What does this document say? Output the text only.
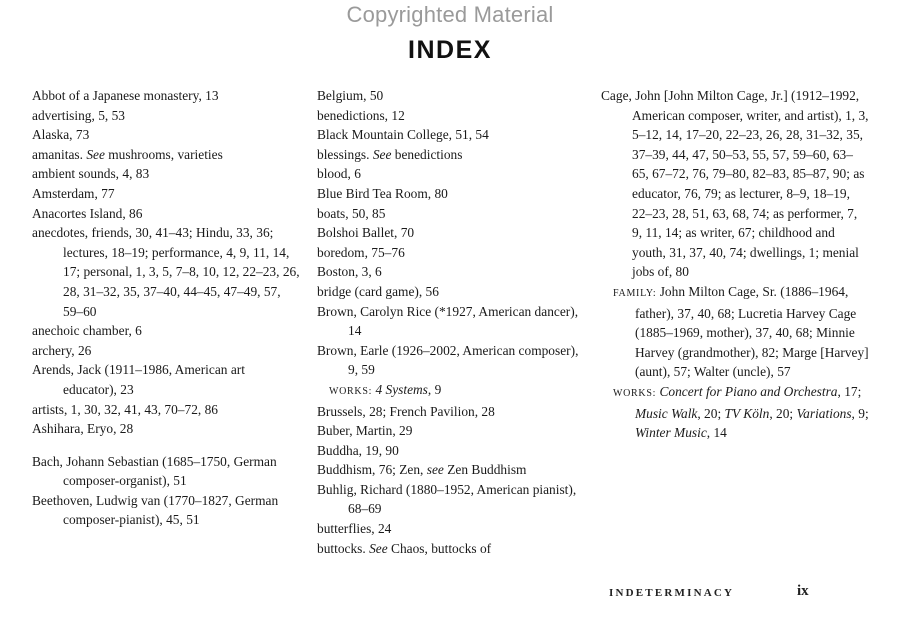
Copyrighted Material
INDEX
Abbot of a Japanese monastery, 13
advertising, 5, 53
Alaska, 73
amanitas. See mushrooms, varieties
ambient sounds, 4, 83
Amsterdam, 77
Anacortes Island, 86
anecdotes, friends, 30, 41–43; Hindu, 33, 36; lectures, 18–19; performance, 4, 9, 11, 14, 17; personal, 1, 3, 5, 7–8, 10, 12, 22–23, 26, 28, 31–32, 35, 37–40, 44–45, 47–49, 57, 59–60
anechoic chamber, 6
archery, 26
Arends, Jack (1911–1986, American art educator), 23
artists, 1, 30, 32, 41, 43, 70–72, 86
Ashihara, Eryo, 28
Bach, Johann Sebastian (1685–1750, German composer-organist), 51
Beethoven, Ludwig van (1770–1827, German composer-pianist), 45, 51
Belgium, 50
benedictions, 12
Black Mountain College, 51, 54
blessings. See benedictions
blood, 6
Blue Bird Tea Room, 80
boats, 50, 85
Bolshoi Ballet, 70
boredom, 75–76
Boston, 3, 6
bridge (card game), 56
Brown, Carolyn Rice (*1927, American dancer), 14
Brown, Earle (1926–2002, American composer), 9, 59
WORKS: 4 Systems, 9
Brussels, 28; French Pavilion, 28
Buber, Martin, 29
Buddha, 19, 90
Buddhism, 76; Zen, see Zen Buddhism
Buhlig, Richard (1880–1952, American pianist), 68–69
butterflies, 24
buttocks. See Chaos, buttocks of
Cage, John [John Milton Cage, Jr.] (1912–1992, American composer, writer, and artist), 1, 3, 5–12, 14, 17–20, 22–23, 26, 28, 31–32, 35, 37–39, 44, 47, 50–53, 55, 57, 59–60, 63–65, 67–72, 76, 79–80, 82–83, 85–87, 90; as educator, 76, 79; as lecturer, 8–9, 18–19, 22–23, 28, 51, 63, 68, 74; as performer, 7, 9, 11, 14; as writer, 67; childhood and youth, 31, 37, 40, 74; dwellings, 1; menial jobs of, 80
FAMILY: John Milton Cage, Sr. (1886–1964, father), 37, 40, 68; Lucretia Harvey Cage (1885–1969, mother), 37, 40, 68; Minnie Harvey (grandmother), 82; Marge [Harvey] (aunt), 57; Walter (uncle), 57
WORKS: Concert for Piano and Orchestra, 17; Music Walk, 20; TV Köln, 20; Variations, 9; Winter Music, 14
INDETERMINACY	ix
